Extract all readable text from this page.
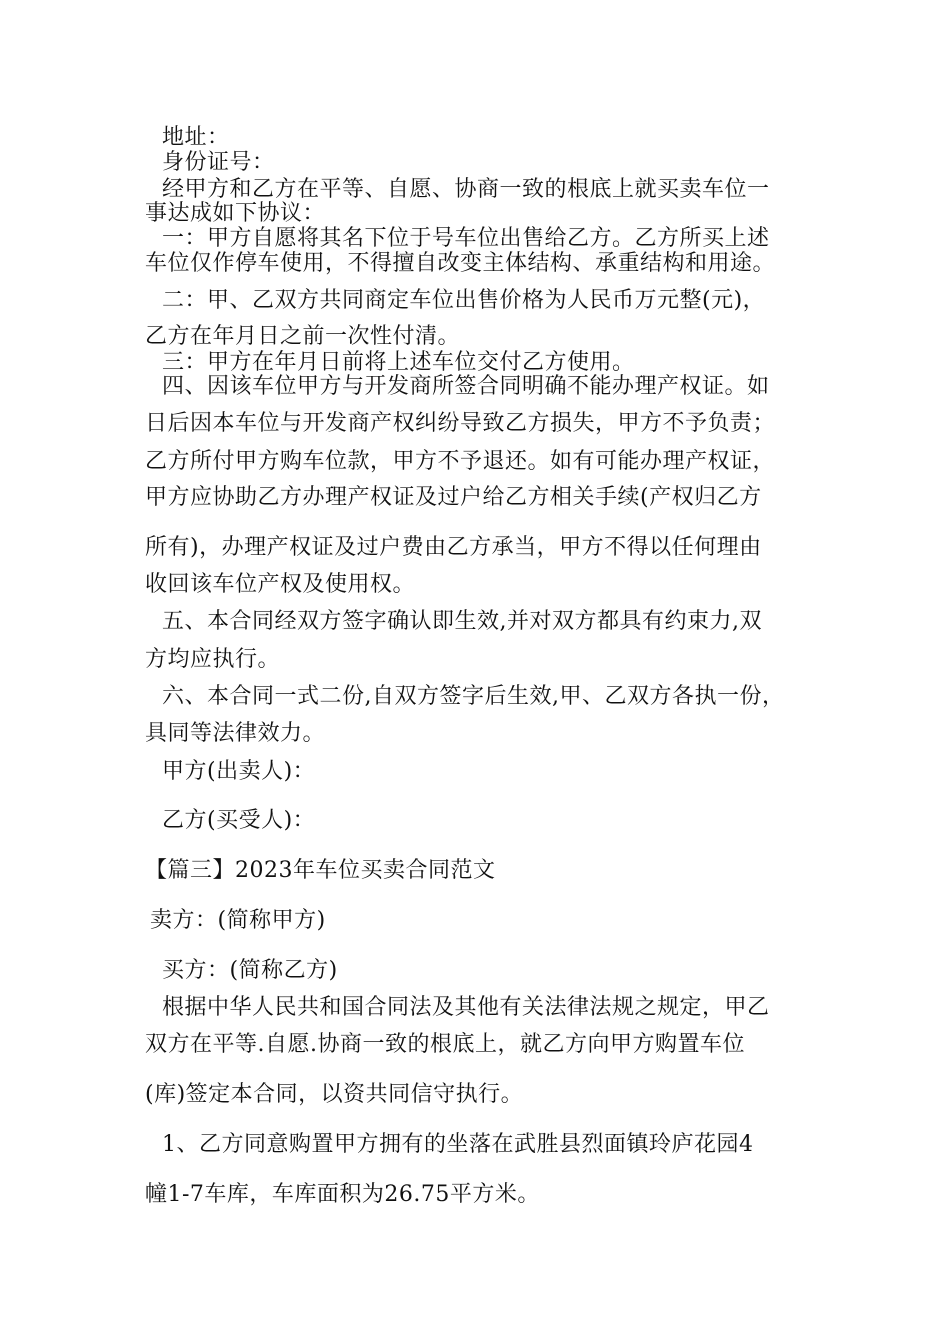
地址：
身份证号：
经甲方和乙方在平等、自愿、协商一致的根底上就买卖车位一
事达成如下协议：
一：甲方自愿将其名下位于号车位出售给乙方。乙方所买上述
车位仅作停车使用，不得擅自改变主体结构、承重结构和用途。
二：甲、乙双方共同商定车位出售价格为人民币万元整(元)，
乙方在年月日之前一次性付清。
三：甲方在年月日前将上述车位交付乙方使用。
四、因该车位甲方与开发商所签合同明确不能办理产权证。如
日后因本车位与开发商产权纠纷导致乙方损失，甲方不予负责；
乙方所付甲方购车位款，甲方不予退还。如有可能办理产权证，
甲方应协助乙方办理产权证及过户给乙方相关手续(产权归乙方
所有)，办理产权证及过户费由乙方承当，甲方不得以任何理由
收回该车位产权及使用权。
五、本合同经双方签字确认即生效,并对双方都具有约束力,双
方均应执行。
六、本合同一式二份,自双方签字后生效,甲、乙双方各执一份，
具同等法律效力。
甲方(出卖人)：
乙方(买受人)：
【篇三】2023年车位买卖合同范文
卖方：(简称甲方)
买方：(简称乙方)
根据中华人民共和国合同法及其他有关法律法规之规定，甲乙
双方在平等.自愿.协商一致的根底上，就乙方向甲方购置车位
(库)签定本合同，以资共同信守执行。
1、乙方同意购置甲方拥有的坐落在武胜县烈面镇玲庐花园4
幢1-7车库，车库面积为26.75平方米。
